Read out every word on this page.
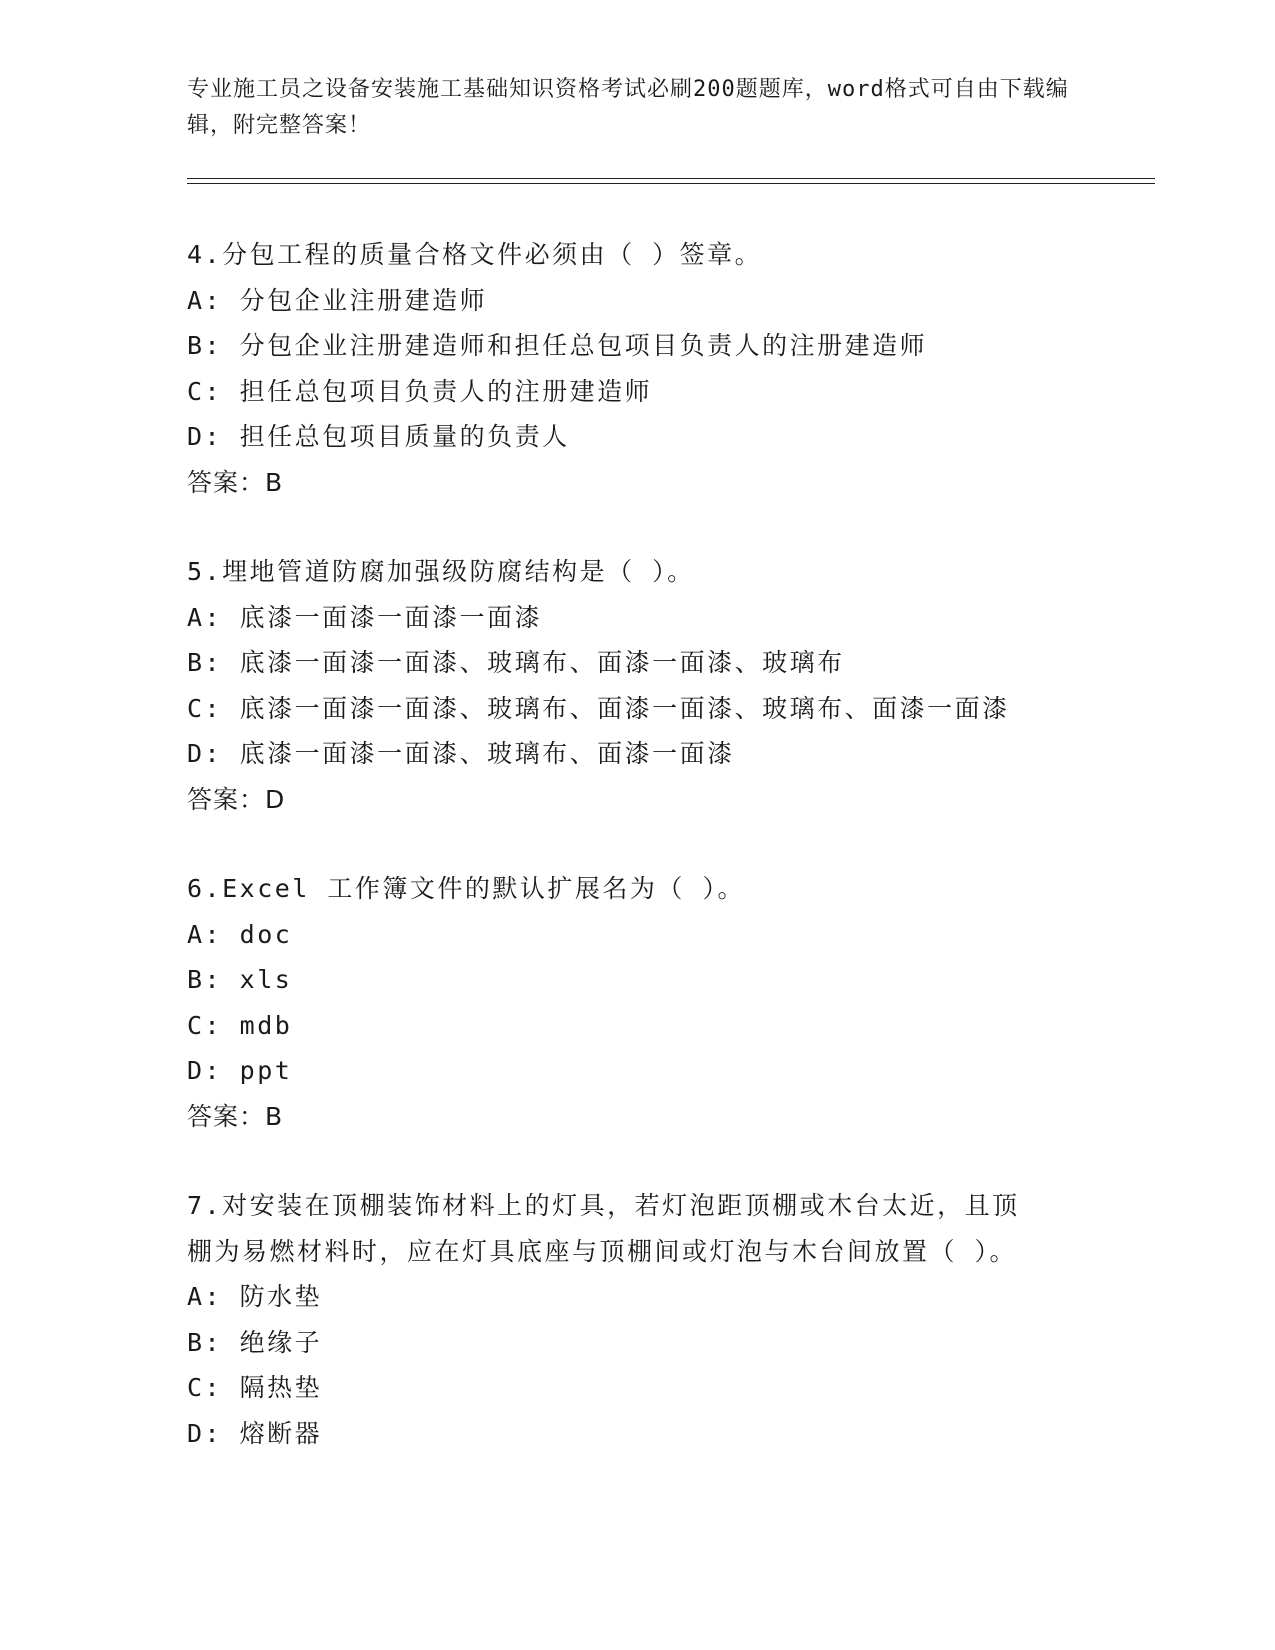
专业施工员之设备安装施工基础知识资格考试必刷200题题库，word格式可自由下载编辑，附完整答案！
4.分包工程的质量合格文件必须由（ ）签章。
A: 分包企业注册建造师
B: 分包企业注册建造师和担任总包项目负责人的注册建造师
C: 担任总包项目负责人的注册建造师
D: 担任总包项目质量的负责人
答案：B
5.埋地管道防腐加强级防腐结构是（ ）。
A: 底漆一面漆一面漆一面漆
B: 底漆一面漆一面漆、玻璃布、面漆一面漆、玻璃布
C: 底漆一面漆一面漆、玻璃布、面漆一面漆、玻璃布、面漆一面漆
D: 底漆一面漆一面漆、玻璃布、面漆一面漆
答案：D
6.Excel 工作簿文件的默认扩展名为（ ）。
A: doc
B: xls
C: mdb
D: ppt
答案：B
7.对安装在顶棚装饰材料上的灯具，若灯泡距顶棚或木台太近，且顶棚为易燃材料时，应在灯具底座与顶棚间或灯泡与木台间放置（ ）。
A: 防水垫
B: 绝缘子
C: 隔热垫
D: 熔断器
